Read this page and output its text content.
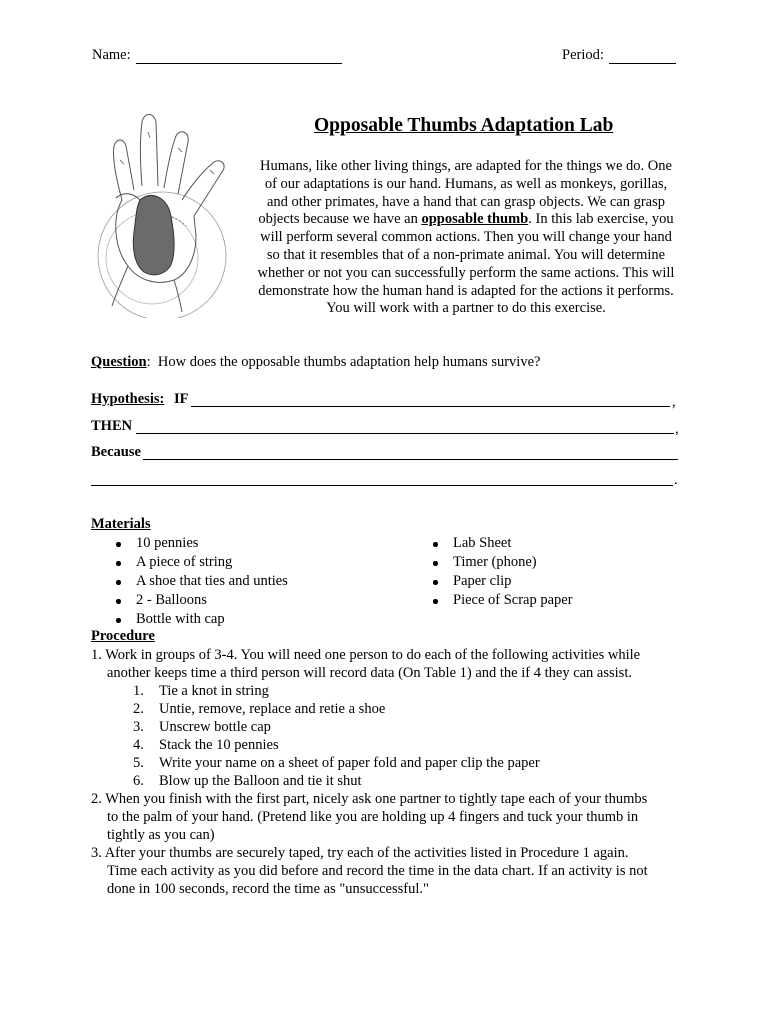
Name:	Period:
Opposable Thumbs Adaptation Lab
Humans, like other living things, are adapted for the things we do. One of our adaptations is our hand. Humans, as well as monkeys, gorillas, and other primates, have a hand that can grasp objects. We can grasp objects because we have an opposable thumb. In this lab exercise, you will perform several common actions. Then you will change your hand so that it resembles that of a non-primate animal. You will determine whether or not you can successfully perform the same actions. This will demonstrate how the human hand is adapted for the actions it performs. You will work with a partner to do this exercise.
Question: How does the opposable thumbs adaptation help humans survive?
Hypothesis: IF	,
THEN	,
Because
.
Materials
10 pennies
A piece of string
A shoe that ties and unties
2 - Balloons
Bottle with cap
Lab Sheet
Timer (phone)
Paper clip
Piece of Scrap paper
Procedure
1. Work in groups of 3-4. You will need one person to do each of the following activities while
another keeps time a third person will record data (On Table 1) and the if 4 they can assist.
1. Tie a knot in string
2. Untie, remove, replace and retie a shoe
3. Unscrew bottle cap
4. Stack the 10 pennies
5. Write your name on a sheet of paper fold and paper clip the paper
6. Blow up the Balloon and tie it shut
2. When you finish with the first part, nicely ask one partner to tightly tape each of your thumbs
to the palm of your hand. (Pretend like you are holding up 4 fingers and tuck your thumb in
tightly as you can)
3. After your thumbs are securely taped, try each of the activities listed in Procedure 1 again.
Time each activity as you did before and record the time in the data chart. If an activity is not
done in 100 seconds, record the time as "unsuccessful."
